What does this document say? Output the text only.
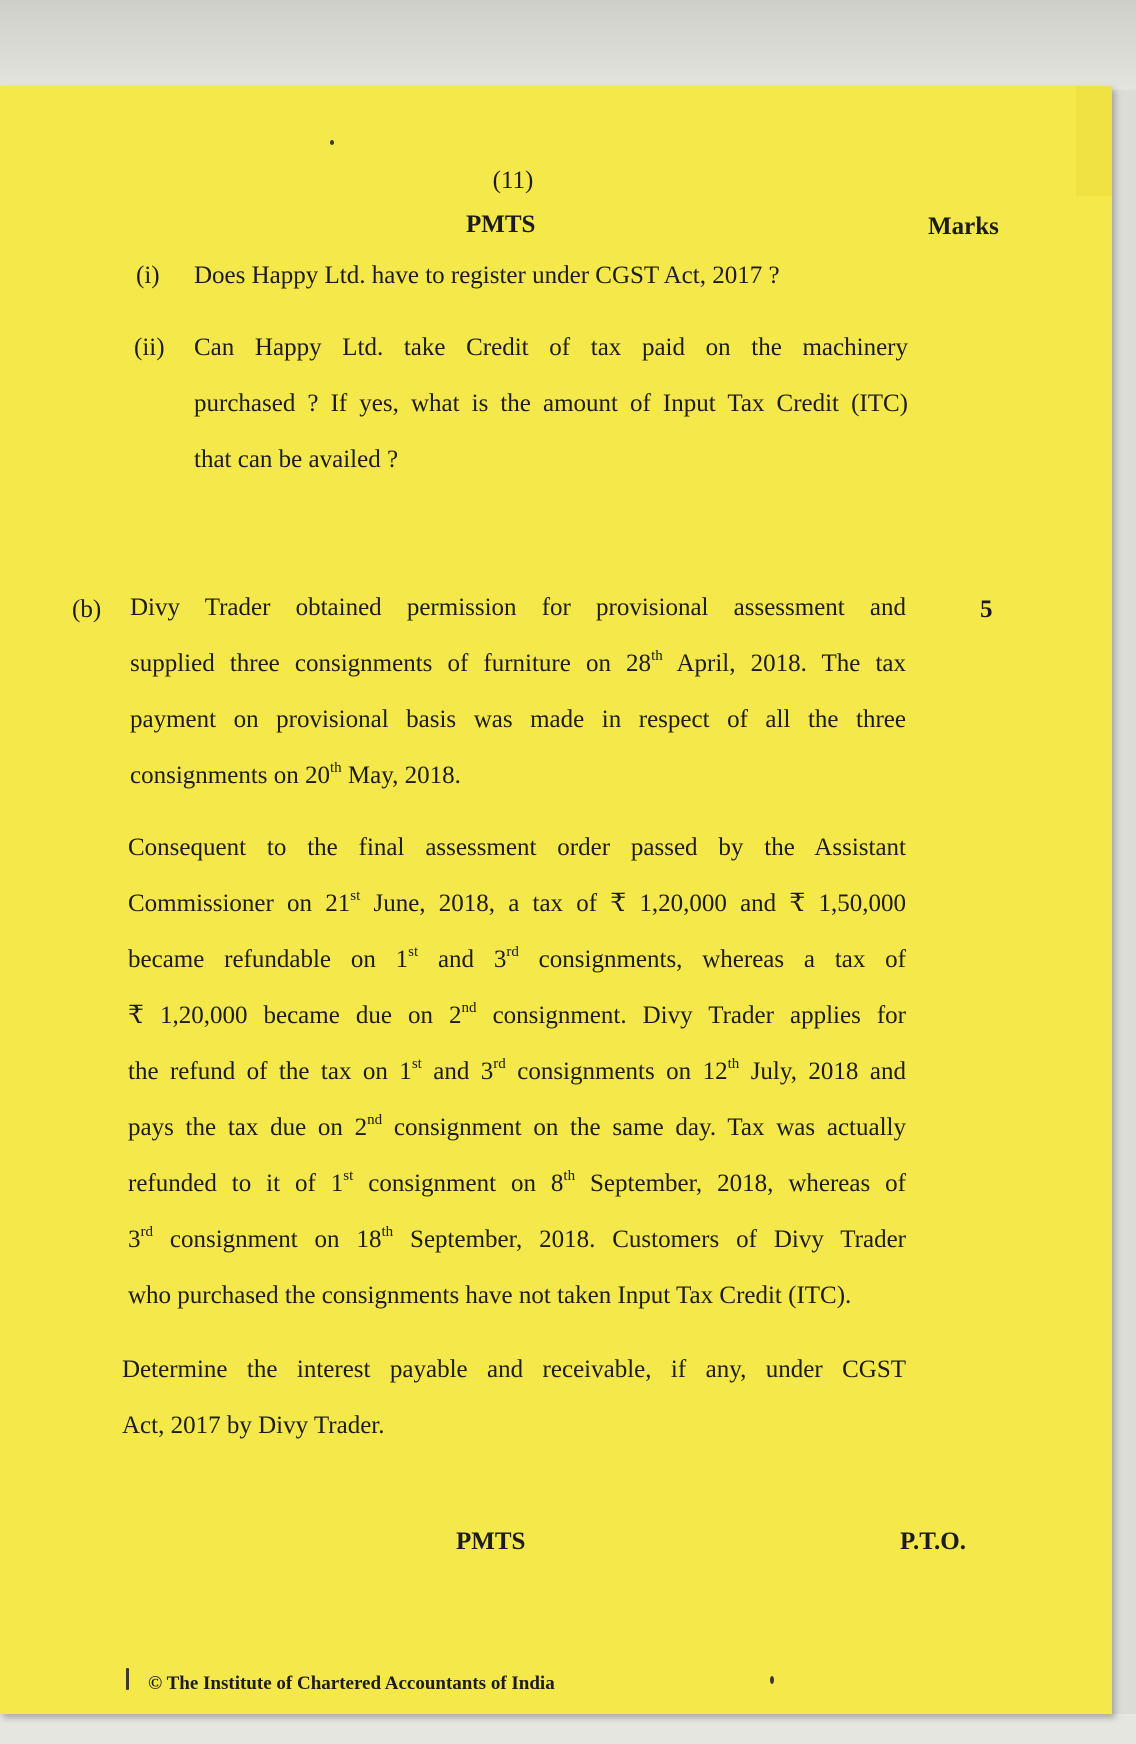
(11)
PMTS	Marks
(i) Does Happy Ltd. have to register under CGST Act, 2017 ?
(ii) Can Happy Ltd. take Credit of tax paid on the machinery
purchased ? If yes, what is the amount of Input Tax Credit (ITC)
that can be availed ?
(b)	5
Divy Trader obtained permission for provisional assessment and
supplied three consignments of furniture on 28th April, 2018. The tax
payment on provisional basis was made in respect of all the three
consignments on 20th May, 2018.
Consequent to the final assessment order passed by the Assistant
Commissioner on 21st June, 2018, a tax of ₹ 1,20,000 and ₹ 1,50,000
became refundable on 1st and 3rd consignments, whereas a tax of
₹ 1,20,000 became due on 2nd consignment. Divy Trader applies for
the refund of the tax on 1st and 3rd consignments on 12th July, 2018 and
pays the tax due on 2nd consignment on the same day. Tax was actually
refunded to it of 1st consignment on 8th September, 2018, whereas of
3rd consignment on 18th September, 2018. Customers of Divy Trader
who purchased the consignments have not taken Input Tax Credit (ITC).
Determine the interest payable and receivable, if any, under CGST
Act, 2017 by Divy Trader.
PMTS	P.T.O.
© The Institute of Chartered Accountants of India
